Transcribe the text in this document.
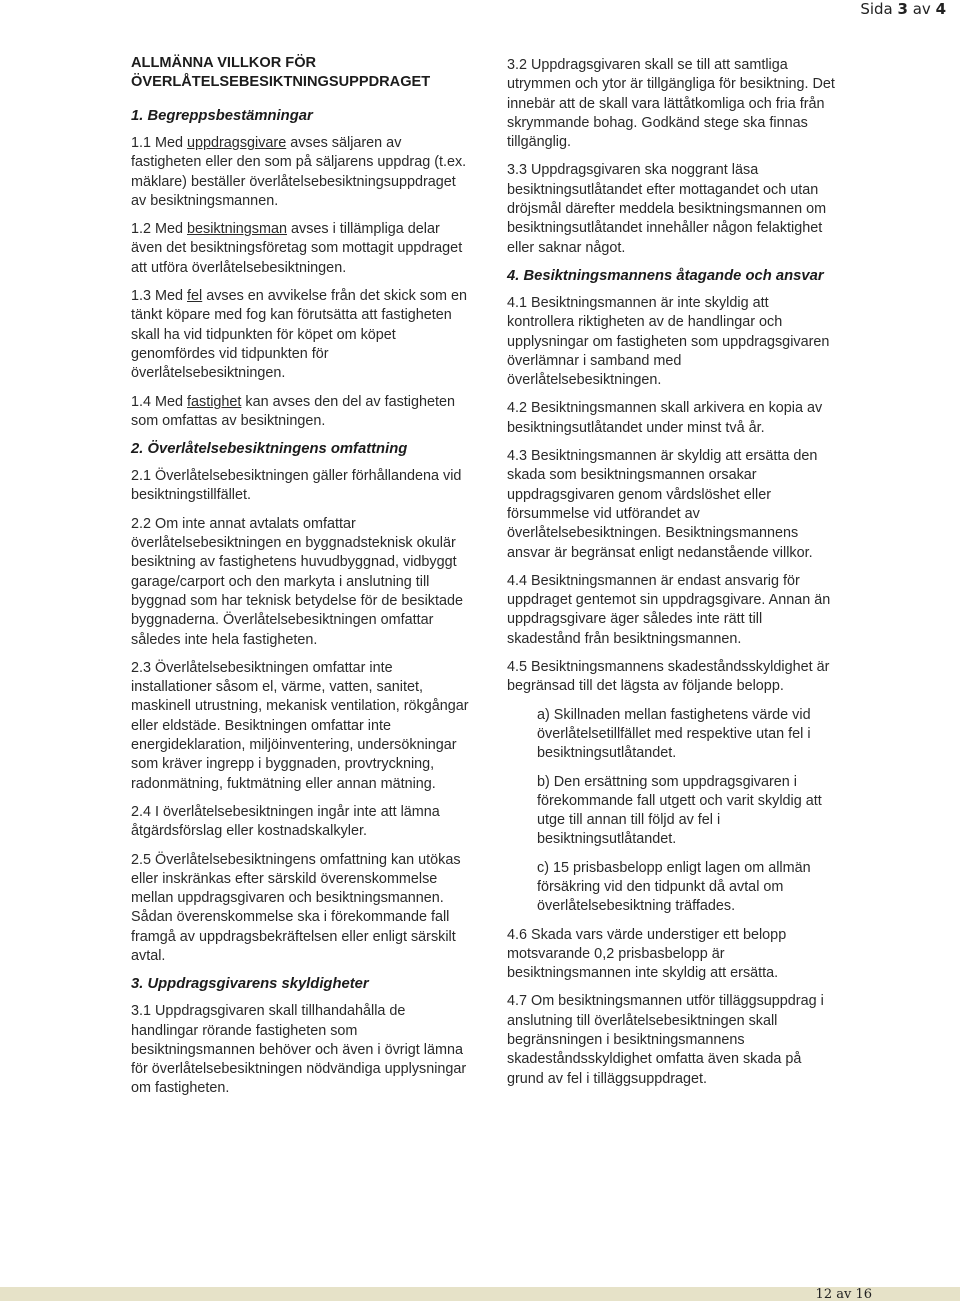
Sida 3 av 4
ALLMÄNNA VILLKOR FÖR
ÖVERLÅTELSEBESIKTNINGSUPPDRAGET
1. Begreppsbestämningar

1.1 Med uppdragsgivare avses säljaren av fastigheten eller den som på säljarens uppdrag (t.ex. mäklare) beställer överlåtelsebesiktningsuppdraget av besiktningsmannen.

1.2 Med besiktningsman avses i tillämpliga delar även det besiktningsföretag som mottagit uppdraget att utföra överlåtelsebesiktningen.

1.3 Med fel avses en avvikelse från det skick som en tänkt köpare med fog kan förutsätta att fastigheten skall ha vid tidpunkten för köpet om köpet genomfördes vid tidpunkten för överlåtelsebesiktningen.

1.4 Med fastighet kan avses den del av fastigheten som omfattas av besiktningen.

2. Överlåtelsebesiktningens omfattning

2.1 Överlåtelsebesiktningen gäller förhållandena vid besiktningstillfället.

2.2 Om inte annat avtalats omfattar överlåtelsebesiktningen en byggnadsteknisk okulär besiktning av fastighetens huvudbyggnad, vidbyggt garage/carport och den markyta i anslutning till byggnad som har teknisk betydelse för de besiktade byggnaderna. Överlåtelsebesiktningen omfattar således inte hela fastigheten.

2.3 Överlåtelsebesiktningen omfattar inte installationer såsom el, värme, vatten, sanitet, maskinell utrustning, mekanisk ventilation, rökgångar eller eldstäde. Besiktningen omfattar inte energideklaration, miljöinventering, undersökningar som kräver ingrepp i byggnaden, provtryckning, radonmätning, fuktmätning eller annan mätning.

2.4 I överlåtelsebesiktningen ingår inte att lämna åtgärdsförslag eller kostnadskalkyler.

2.5 Överlåtelsebesiktningens omfattning kan utökas eller inskränkas efter särskild överenskommelse mellan uppdragsgivaren och besiktningsmannen. Sådan överenskommelse ska i förekommande fall framgå av uppdragsbekräftelsen eller enligt särskilt avtal.

3. Uppdragsgivarens skyldigheter

3.1 Uppdragsgivaren skall tillhandahålla de handlingar rörande fastigheten som besiktningsmannen behöver och även i övrigt lämna för överlåtelsebesiktningen nödvändiga upplysningar om fastigheten.

3.2 Uppdragsgivaren skall se till att samtliga utrymmen och ytor är tillgängliga för besiktning. Det innebär att de skall vara lättåtkomliga och fria från skrymmande bohag. Godkänd stege ska finnas tillgänglig.

3.3 Uppdragsgivaren ska noggrant läsa besiktningsutlåtandet efter mottagandet och utan dröjsmål därefter meddela besiktningsmannen om besiktningsutlåtandet innehåller någon felaktighet eller saknar något.

4. Besiktningsmannens åtagande och ansvar

4.1 Besiktningsmannen är inte skyldig att kontrollera riktigheten av de handlingar och upplysningar om fastigheten som uppdragsgivaren överlämnar i samband med överlåtelsebesiktningen.

4.2 Besiktningsmannen skall arkivera en kopia av besiktningsutlåtandet under minst två år.

4.3 Besiktningsmannen är skyldig att ersätta den skada som besiktningsmannen orsakar uppdragsgivaren genom vårdslöshet eller försummelse vid utförandet av överlåtelsebesiktningen. Besiktningsmannens ansvar är begränsat enligt nedanstående villkor.

4.4 Besiktningsmannen är endast ansvarig för uppdraget gentemot sin uppdragsgivare. Annan än uppdragsgivare äger således inte rätt till skadestånd från besiktningsmannen.

4.5 Besiktningsmannens skadeståndsskyldighet är begränsad till det lägsta av följande belopp.

a) Skillnaden mellan fastighetens värde vid överlåtelsetillfället med respektive utan fel i besiktningsutlåtandet.

b) Den ersättning som uppdragsgivaren i förekommande fall utgett och varit skyldig att utge till annan till följd av fel i besiktningsutlåtandet.

c) 15 prisbasbelopp enligt lagen om allmän försäkring vid den tidpunkt då avtal om överlåtelsebesiktning träffades.

4.6 Skada vars värde understiger ett belopp motsvarande 0,2 prisbasbelopp är besiktningsmannen inte skyldig att ersätta.

4.7 Om besiktningsmannen utför tilläggsuppdrag i anslutning till överlåtelsebesiktningen skall begränsningen i besiktningsmannens skadeståndsskyldighet omfatta även skada på grund av fel i tilläggsuppdraget.

12 av 16
